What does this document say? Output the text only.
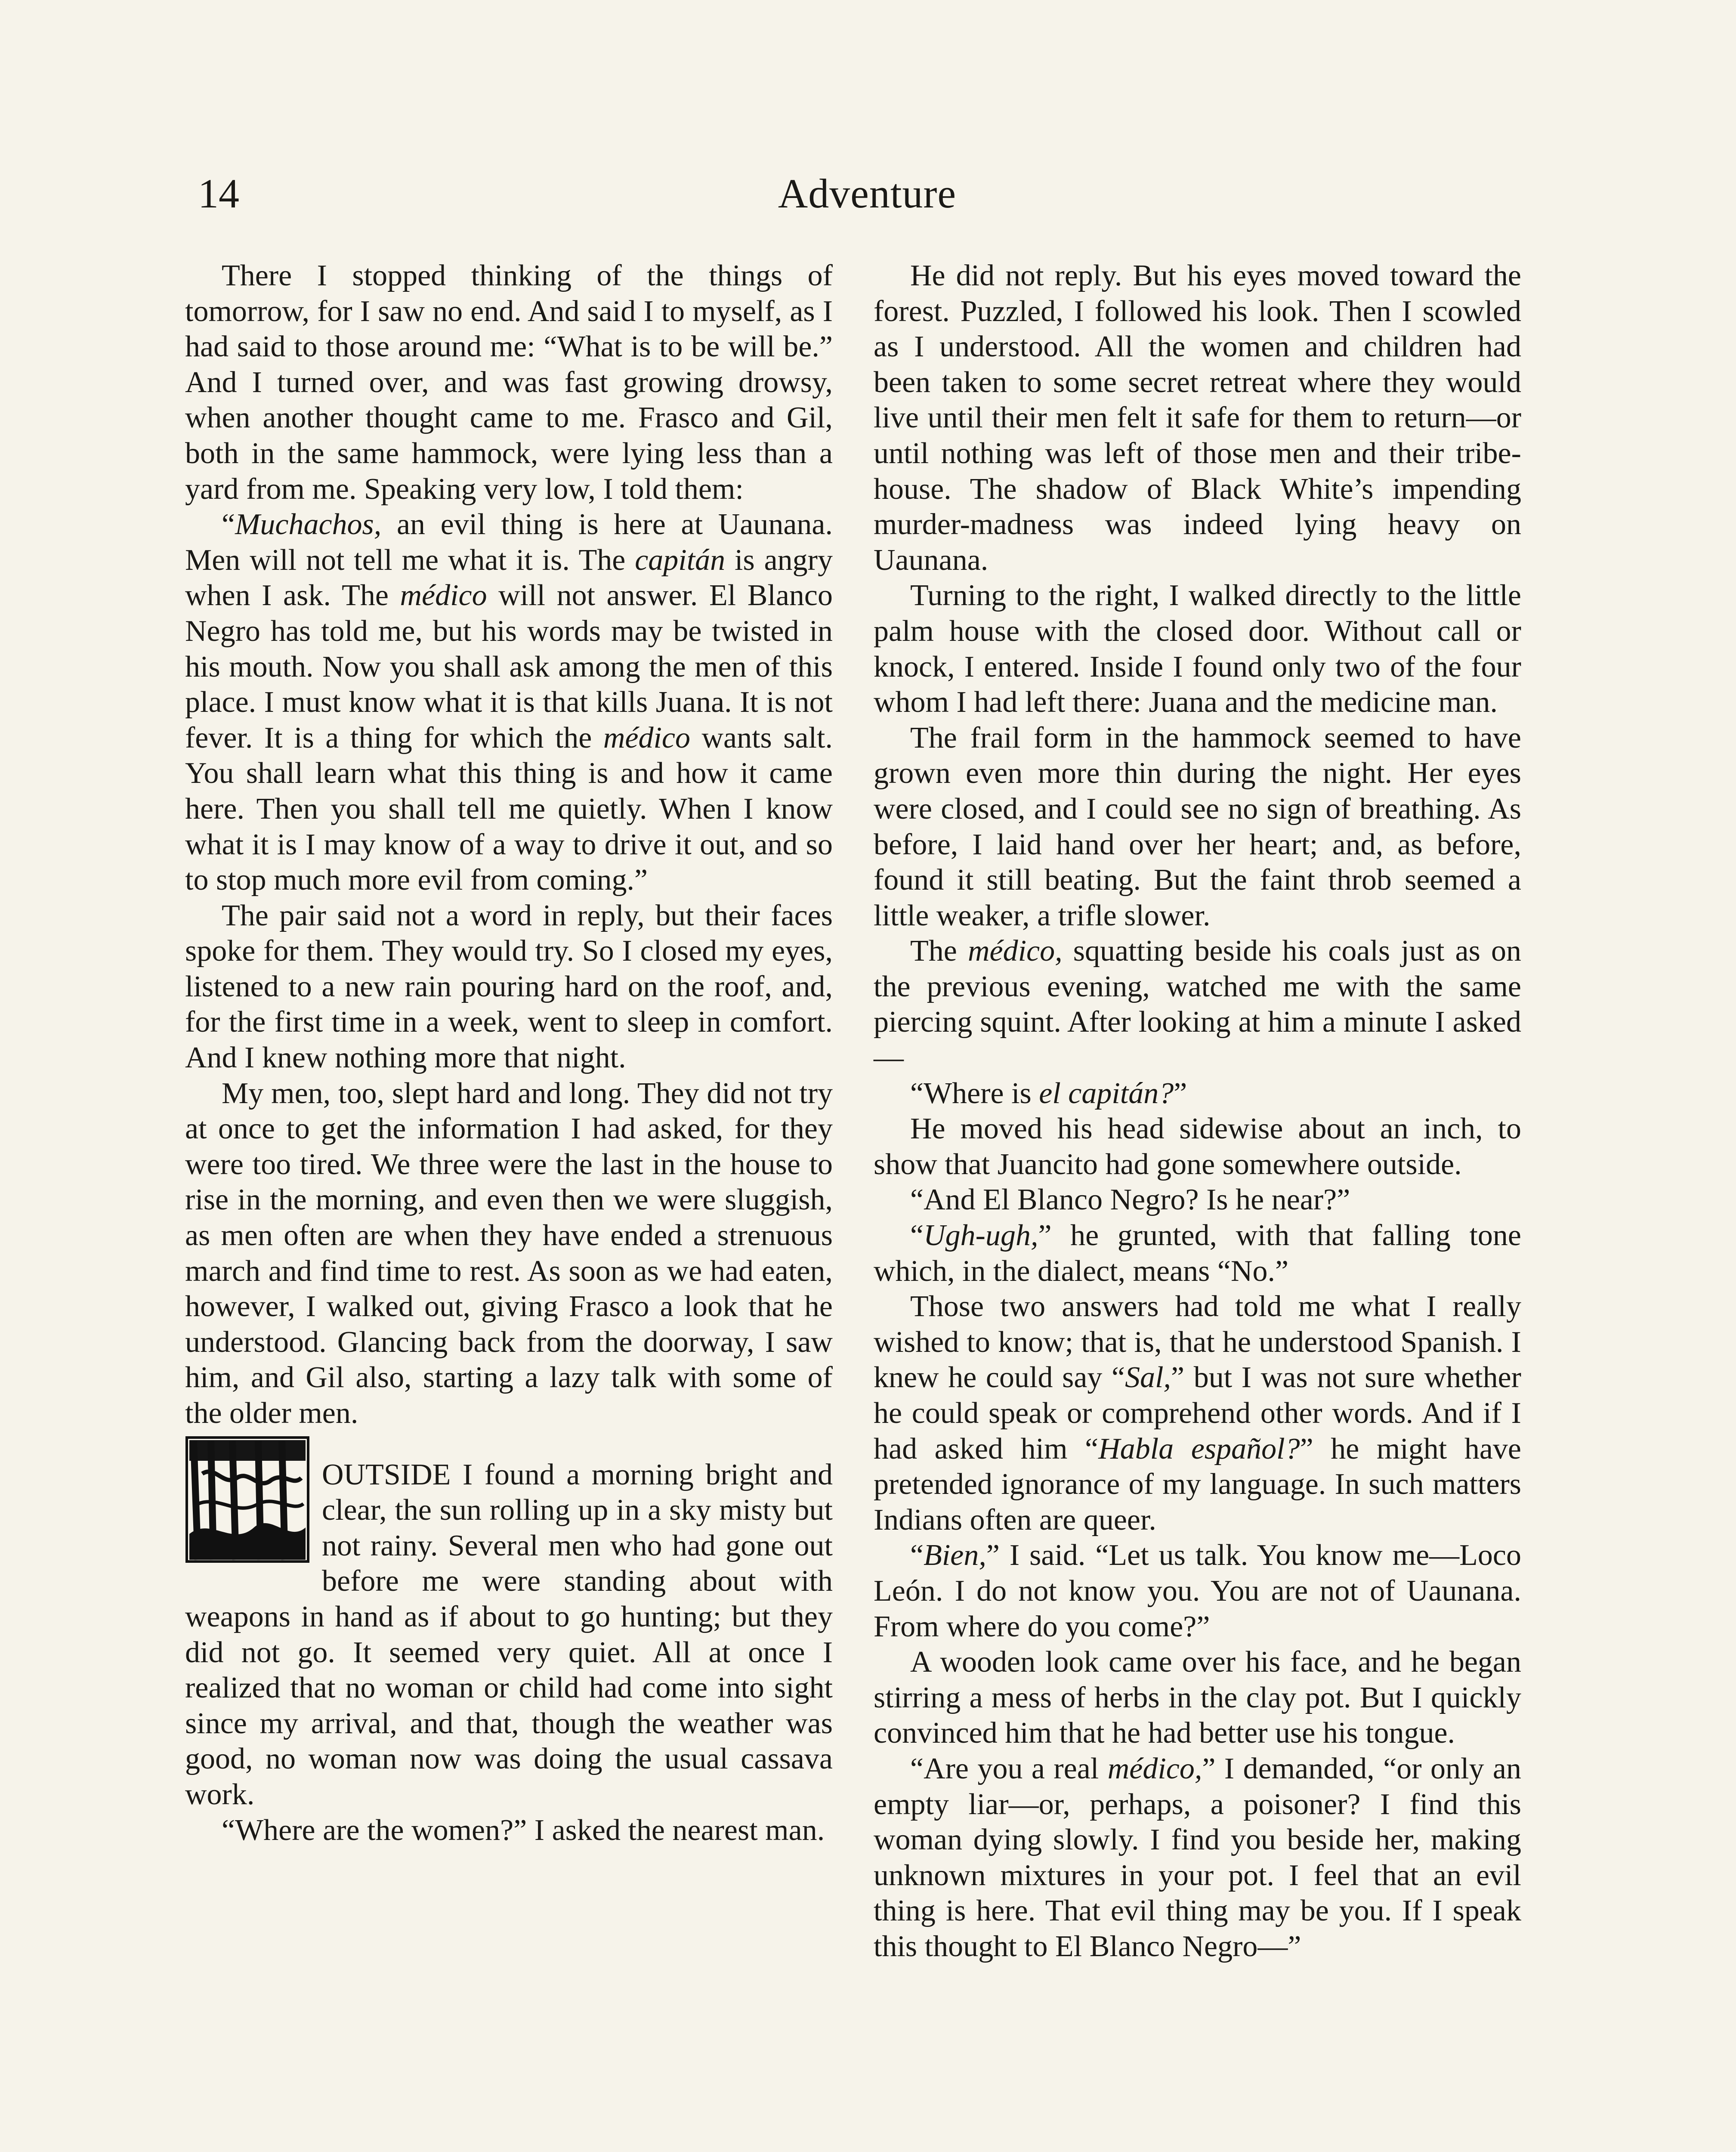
14	Adventure

There I stopped thinking of the things of tomorrow, for I saw no end. And said I to myself, as I had said to those around me: “What is to be will be.” And I turned over, and was fast growing drowsy, when another thought came to me. Frasco and Gil, both in the same hammock, were lying less than a yard from me. Speaking very low, I told them:

“Muchachos, an evil thing is here at Uaunana. Men will not tell me what it is. The capitán is angry when I ask. The médico will not answer. El Blanco Negro has told me, but his words may be twisted in his mouth. Now you shall ask among the men of this place. I must know what it is that kills Juana. It is not fever. It is a thing for which the médico wants salt. You shall learn what this thing is and how it came here. Then you shall tell me quietly. When I know what it is I may know of a way to drive it out, and so to stop much more evil from coming.”

The pair said not a word in reply, but their faces spoke for them. They would try. So I closed my eyes, listened to a new rain pouring hard on the roof, and, for the first time in a week, went to sleep in comfort. And I knew nothing more that night.

My men, too, slept hard and long. They did not try at once to get the information I had asked, for they were too tired. We three were the last in the house to rise in the morning, and even then we were sluggish, as men often are when they have ended a strenuous march and find time to rest. As soon as we had eaten, however, I walked out, giving Frasco a look that he understood. Glancing back from the doorway, I saw him, and Gil also, starting a lazy talk with some of the older men.

OUTSIDE I found a morning bright and clear, the sun rolling up in a sky misty but not rainy. Several men who had gone out before me were standing about with weapons in hand as if about to go hunting; but they did not go. It seemed very quiet. All at once I realized that no woman or child had come into sight since my arrival, and that, though the weather was good, no woman now was doing the usual cassava work.

“Where are the women?” I asked the nearest man.

He did not reply. But his eyes moved toward the forest. Puzzled, I followed his look. Then I scowled as I understood. All the women and children had been taken to some secret retreat where they would live until their men felt it safe for them to return—or until nothing was left of those men and their tribe-house. The shadow of Black White’s impending murder-madness was indeed lying heavy on Uaunana.

Turning to the right, I walked directly to the little palm house with the closed door. Without call or knock, I entered. Inside I found only two of the four whom I had left there: Juana and the medicine man.

The frail form in the hammock seemed to have grown even more thin during the night. Her eyes were closed, and I could see no sign of breathing. As before, I laid hand over her heart; and, as before, found it still beating. But the faint throb seemed a little weaker, a trifle slower.

The médico, squatting beside his coals just as on the previous evening, watched me with the same piercing squint. After looking at him a minute I asked—

“Where is el capitán?”

He moved his head sidewise about an inch, to show that Juancito had gone somewhere outside.

“And El Blanco Negro? Is he near?”

“Ugh-ugh,” he grunted, with that falling tone which, in the dialect, means “No.”

Those two answers had told me what I really wished to know; that is, that he understood Spanish. I knew he could say “Sal,” but I was not sure whether he could speak or comprehend other words. And if I had asked him “Habla español?” he might have pretended ignorance of my language. In such matters Indians often are queer.

“Bien,” I said. “Let us talk. You know me—Loco León. I do not know you. You are not of Uaunana. From where do you come?”

A wooden look came over his face, and he began stirring a mess of herbs in the clay pot. But I quickly convinced him that he had better use his tongue.

“Are you a real médico,” I demanded, “or only an empty liar—or, perhaps, a poisoner? I find this woman dying slowly. I find you beside her, making unknown mixtures in your pot. I feel that an evil thing is here. That evil thing may be you. If I speak this thought to El Blanco Negro—”
